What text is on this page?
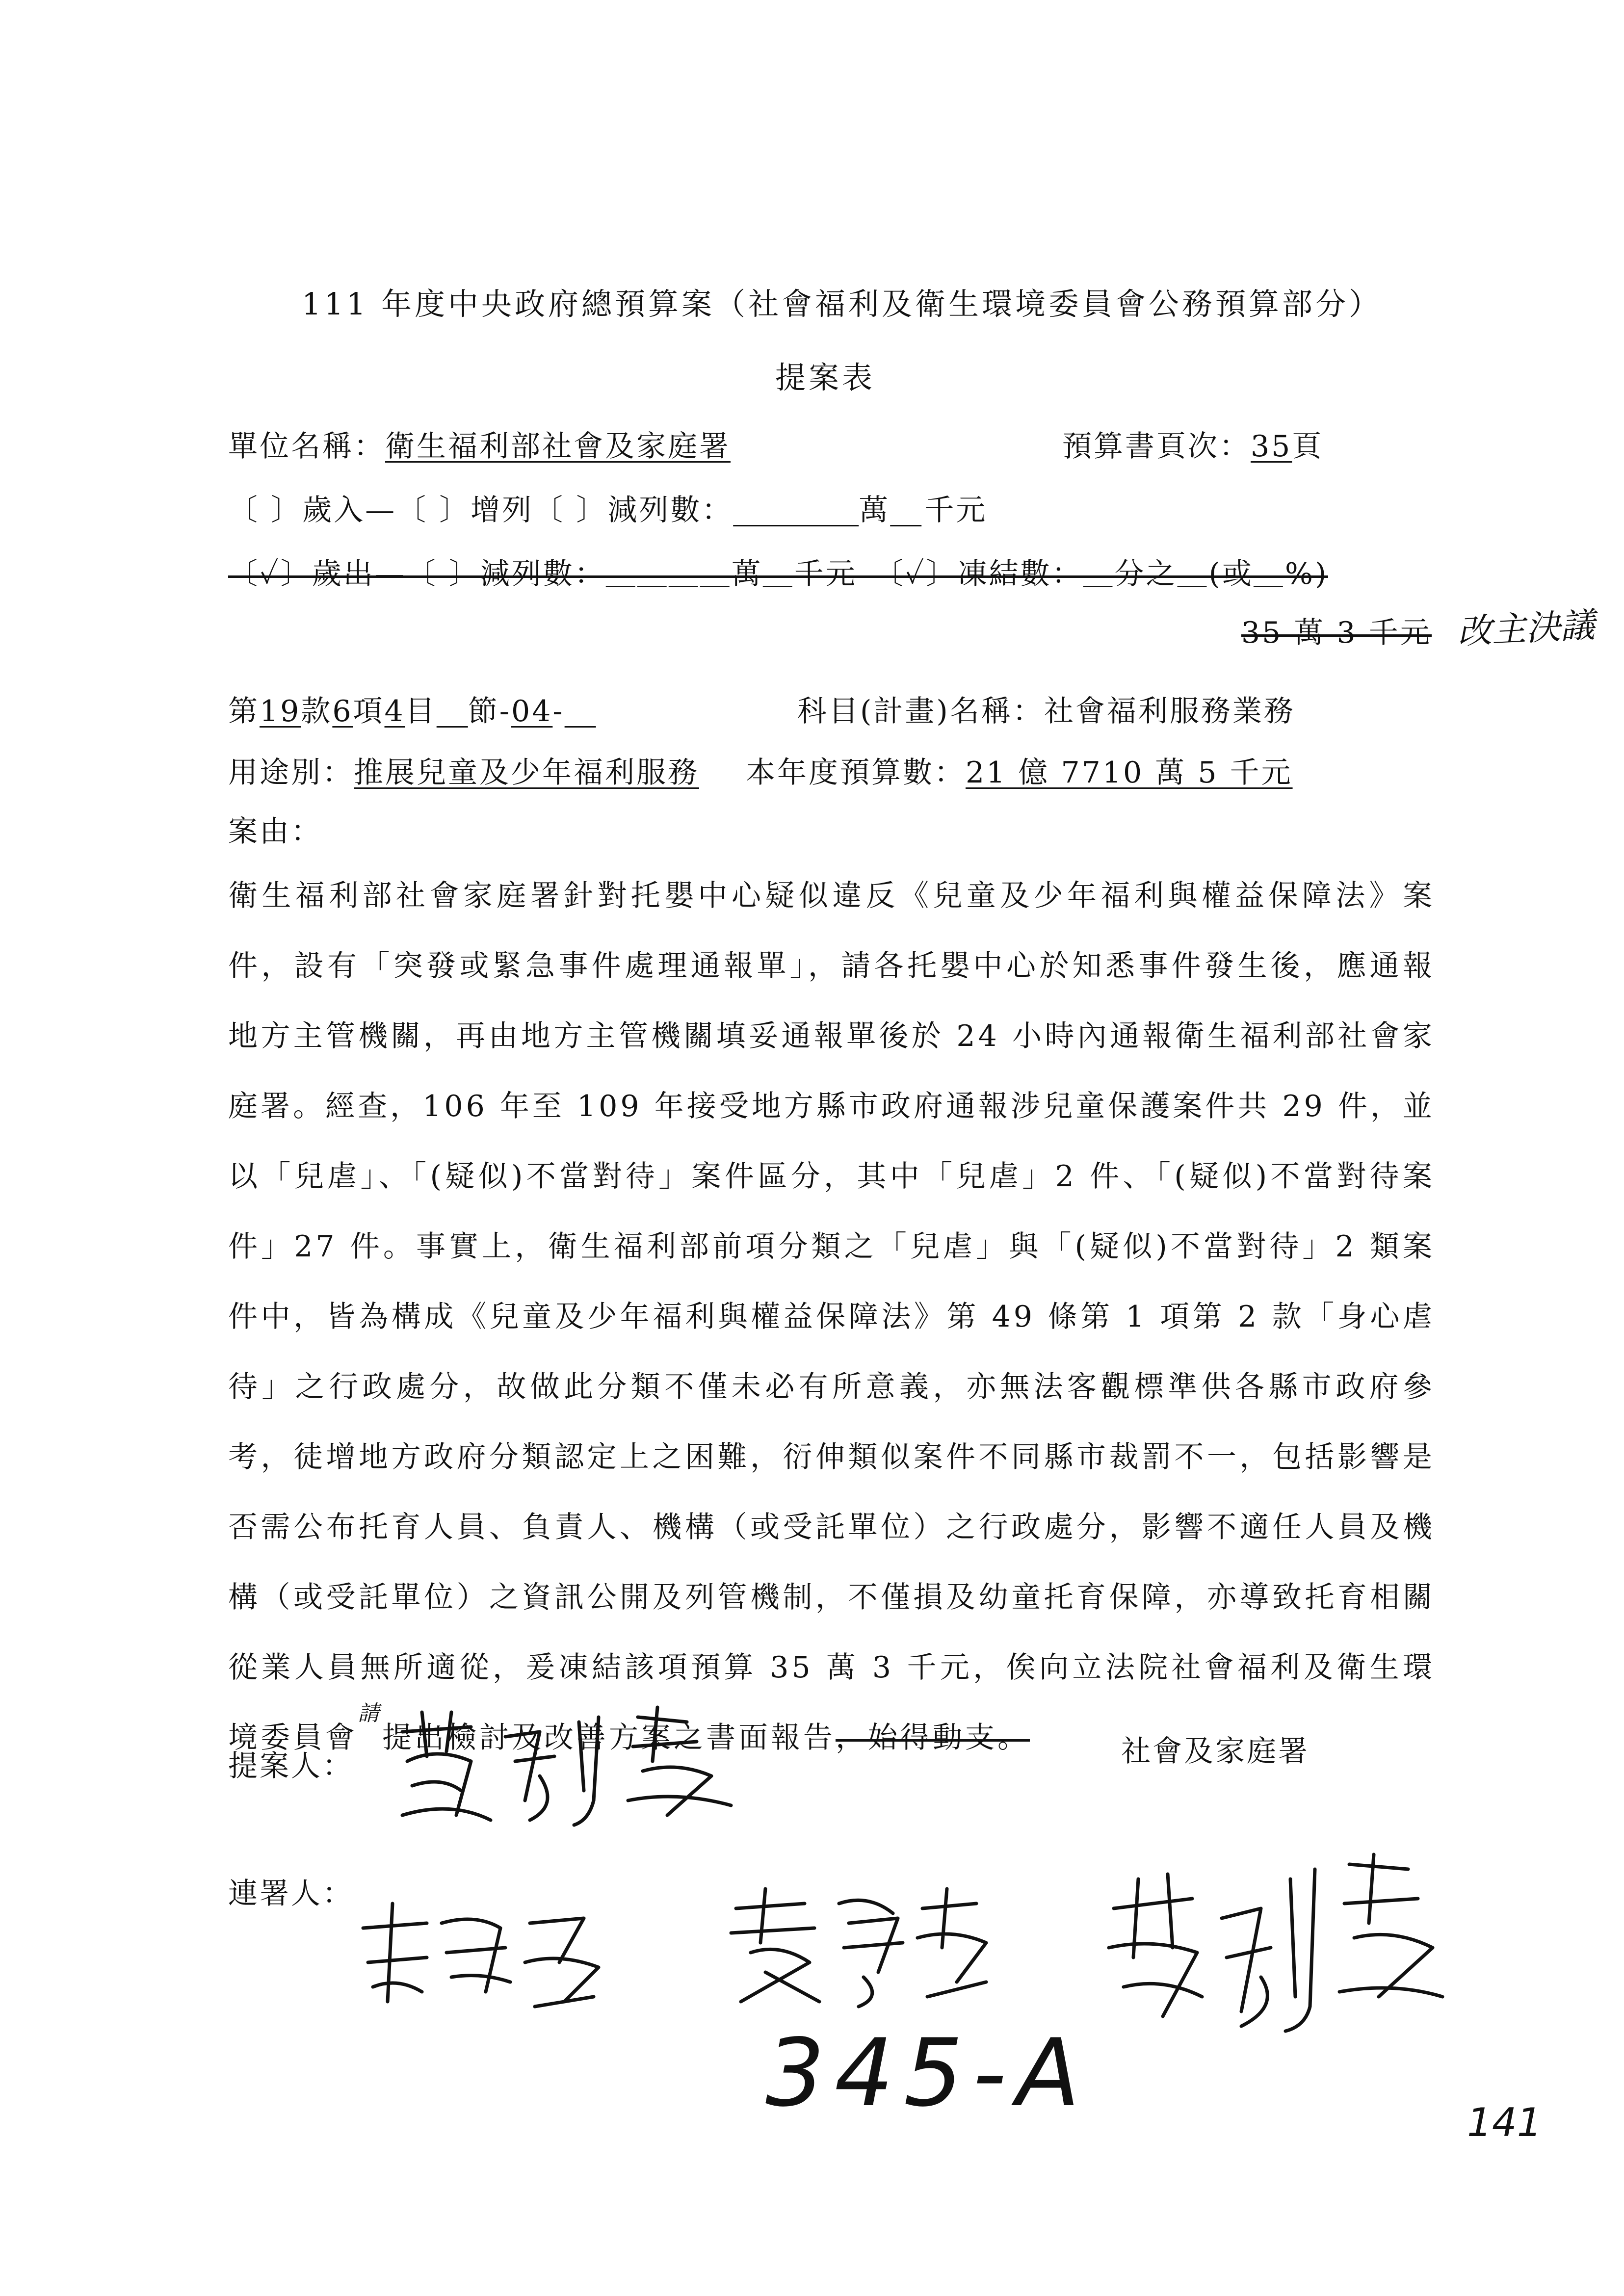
111 年度中央政府總預算案（社會福利及衛生環境委員會公務預算部分）
提案表
單位名稱：衛生福利部社會及家庭署	預算書頁次：35頁
〔 〕歲入—〔 〕增列〔 〕減列數：　　　　	萬　 千元
〔✓〕歲出—〔 〕減列數：＿＿＿＿萬＿千元　〔✓〕凍結數：＿分之＿(或＿%)
35 萬 3 千元 改主決議
第19款6項4目　 節-04-　	科目(計畫)名稱：社會福利服務業務
用途別：推展兒童及少年福利服務 本年度預算數：21 億 7710 萬 5 千元
案由：
衛生福利部社會家庭署針對托嬰中心疑似違反《兒童及少年福利與權益保障法》案件，設有「突發或緊急事件處理通報單」，請各托嬰中心於知悉事件發生後，應通報地方主管機關，再由地方主管機關填妥通報單後於 24 小時內通報衛生福利部社會家庭署。經查，106 年至 109 年接受地方縣市政府通報涉兒童保護案件共 29 件，並以「兒虐」、「(疑似)不當對待」案件區分，其中「兒虐」2 件、「(疑似)不當對待案件」27 件。事實上，衛生福利部前項分類之「兒虐」與「(疑似)不當對待」2 類案件中，皆為構成《兒童及少年福利與權益保障法》第 49 條第 1 項第 2 款「身心虐待」之行政處分，故做此分類不僅未必有所意義，亦無法客觀標準供各縣市政府參考，徒增地方政府分類認定上之困難，衍伸類似案件不同縣市裁罰不一，包括影響是否需公布托育人員、負責人、機構（或受託單位）之行政處分，影響不適任人員及機構（或受託單位）之資訊公開及列管機制，不僅損及幼童托育保障，亦導致托育相關從業人員無所適從，爰凍結該項預算 35 萬 3 千元，俟向立法院社會福利及衛生環境委員會$^請$提出檢討及改善方案之書面報告，始得動支。
提案人：	社會及家庭署
連署人：
345-A	141
